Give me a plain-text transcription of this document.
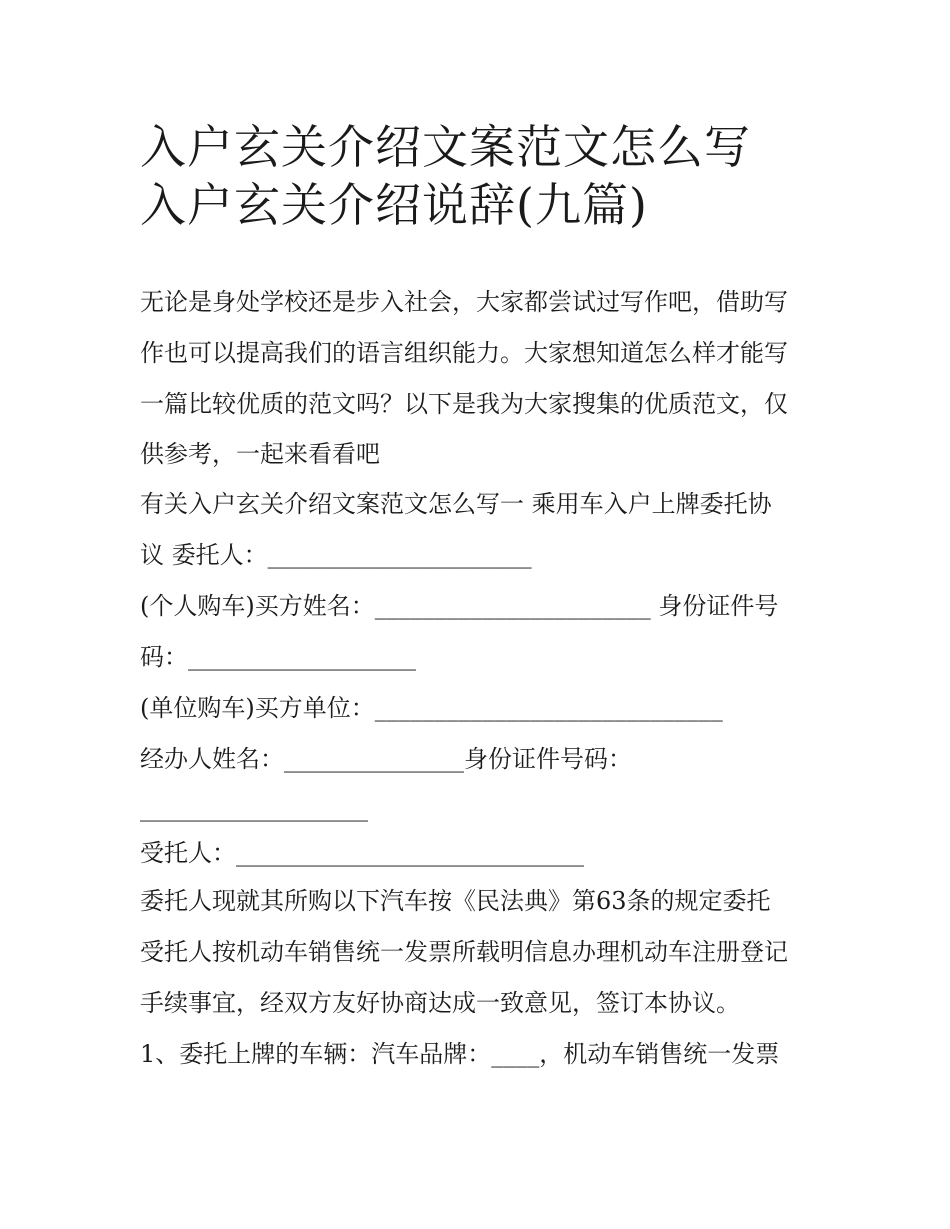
入户玄关介绍文案范文怎么写
入户玄关介绍说辞(九篇)

无论是身处学校还是步入社会，大家都尝试过写作吧，借助写

作也可以提高我们的语言组织能力。大家想知道怎么样才能写

一篇比较优质的范文吗？以下是我为大家搜集的优质范文，仅

供参考，一起来看看吧

有关入户玄关介绍文案范文怎么写一 乘用车入户上牌委托协

议 委托人：______________________

(个人购车)买方姓名：_______________________ 身份证件号

码：___________________

(单位购车)买方单位：_____________________________

经办人姓名：_______________身份证件号码：

___________________

受托人：_____________________________

委托人现就其所购以下汽车按《民法典》第63条的规定委托

受托人按机动车销售统一发票所载明信息办理机动车注册登记

手续事宜，经双方友好协商达成一致意见，签订本协议。

1、委托上牌的车辆：汽车品牌：____，机动车销售统一发票
